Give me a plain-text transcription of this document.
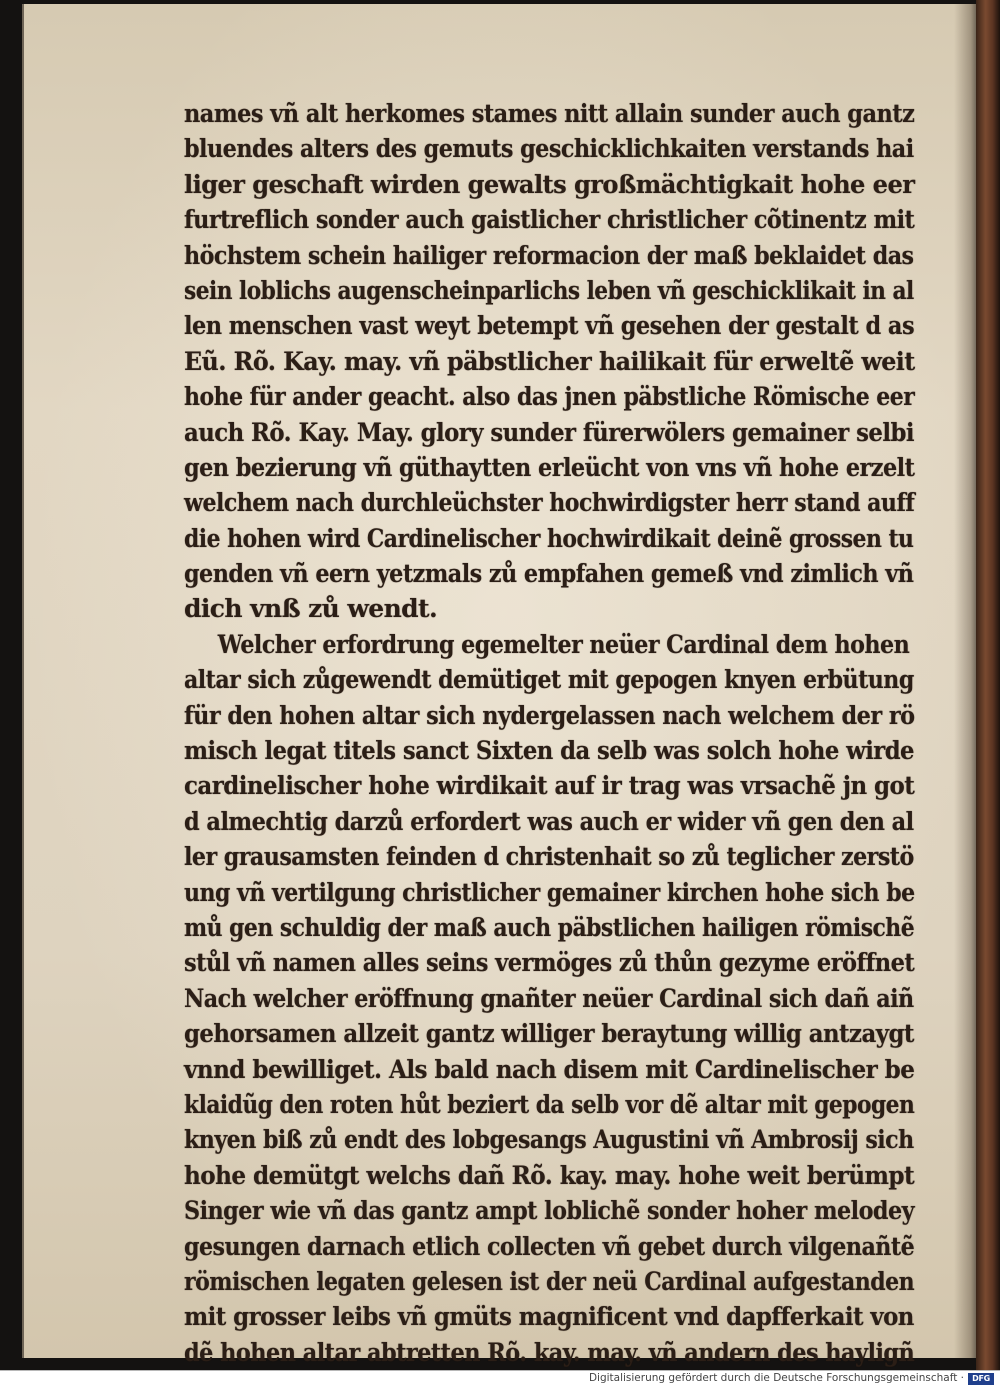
names vñ alt herkomes stames nitt allain sunder auch gantz
bluendes alters des gemuts geschicklichkaiten verstands hai
liger geschaft wirden gewalts großmächtigkait hohe eer
furtreflich sonder auch gaistlicher christlicher cõtinentz mit
höchstem schein hailiger reformacion der maß beklaidet das
sein loblichs augenscheinparlichs leben vñ geschicklikait in al
len menschen vast weyt betempt vñ gesehen der gestalt d as
Eũ. Rõ. Kay. may. vñ päbstlicher hailikait für erweltẽ weit
hohe für ander geacht. also das jnen päbstliche Römische eer
auch Rõ. Kay. May. glory sunder fürerwölers gemainer selbi
gen bezierung vñ güthaytten erleücht von vns vñ hohe erzelt
welchem nach durchleüchster hochwirdigster herr stand auff
die hohen wird Cardinelischer hochwirdikait deinẽ grossen tu
genden vñ eern yetzmals zů empfahen gemeß vnd zimlich vñ
dich vnß zů wendt.
Welcher erfordrung egemelter neüer Cardinal dem hohen
altar sich zůgewendt demütiget mit gepogen knyen erbütung
für den hohen altar sich nydergelassen nach welchem der rö
misch legat titels sanct Sixten da selb was solch hohe wirde
cardinelischer hohe wirdikait auf ir trag was vrsachẽ jn got
d almechtig darzů erfordert was auch er wider vñ gen den al
ler grausamsten feinden d christenhait so zů teglicher zerstö
ung vñ vertilgung christlicher gemainer kirchen hohe sich be
mů gen schuldig der maß auch päbstlichen hailigen römischẽ
stůl vñ namen alles seins vermöges zů thůn gezyme eröffnet
Nach welcher eröffnung gnañter neüer Cardinal sich dañ aiñ
gehorsamen allzeit gantz williger beraytung willig antzaygt
vnnd bewilliget. Als bald nach disem mit Cardinelischer be
klaidũg den roten hůt beziert da selb vor dẽ altar mit gepogen
knyen biß zů endt des lobgesangs Augustini vñ Ambrosij sich
hohe demütgt welchs dañ Rõ. kay. may. hohe weit berümpt
Singer wie vñ das gantz ampt loblichẽ sonder hoher melodey
gesungen darnach etlich collecten vñ gebet durch vilgenañtẽ
römischen legaten gelesen ist der neü Cardinal aufgestanden
mit grosser leibs vñ gmüts magnificent vnd dapfferkait von
dẽ hohen altar abtretten Rõ. kay. may. vñ andern des hayligñ
Digitalisierung gefördert durch die Deutsche Forschungsgemeinschaft ·	DFG
